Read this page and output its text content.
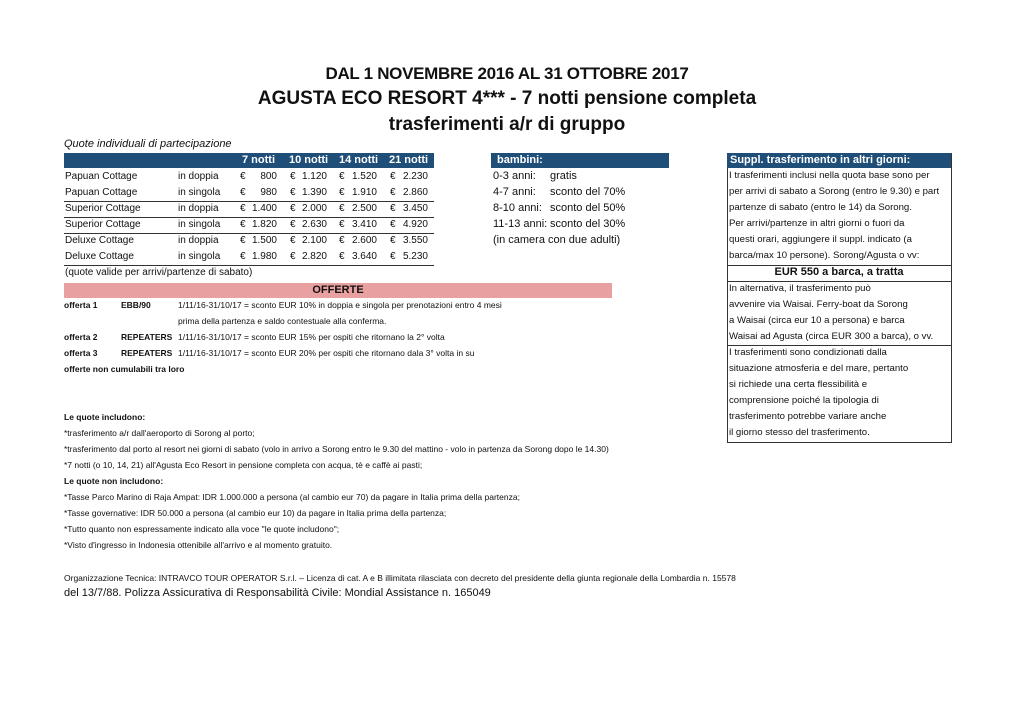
DAL 1 NOVEMBRE 2016 AL 31 OTTOBRE 2017
AGUSTA ECO RESORT 4*** - 7 notti pensione completa
trasferimenti a/r di gruppo
Quote individuali di partecipazione
7 notti 10 notti 14 notti 21 notti
Papuan Cottage	in doppia €	800 € 1.120 € 1.520 € 2.230
Papuan Cottage	in singola €	980 € 1.390 € 1.910 € 2.860
Superior Cottage	in doppia € 1.400 € 2.000 € 2.500 € 3.450
Superior Cottage	in singola € 1.820 € 2.630 € 3.410 € 4.920
Deluxe Cottage	in doppia € 1.500 € 2.100 € 2.600 € 3.550
Deluxe Cottage	in singola € 1.980 € 2.820 € 3.640 € 5.230
(quote valide per arrivi/partenze di sabato)
bambini:
0-3 anni: gratis
4-7 anni: sconto del 70%
8-10 anni: sconto del 50%
11-13 anni: sconto del 30%
(in camera con due adulti)
Suppl. trasferimento in altri giorni:
I trasferimenti inclusi nella quota base sono per
per arrivi di sabato a Sorong (entro le 9.30) e part
partenze di sabato (entro le 14) da Sorong.
Per arrivi/partenze in altri giorni o fuori da
questi orari, aggiungere il suppl. indicato (a
barca/max 10 persone). Sorong/Agusta o vv:
EUR 550 a barca, a tratta
In alternativa, il trasferimento può
avvenire via Waisai. Ferry-boat da Sorong
a Waisai (circa eur 10 a persona) e barca
Waisai ad Agusta (circa EUR 300 a barca), o vv.
I trasferimenti sono condizionati dalla
situazione atmosferia e del mare, pertanto
si richiede una certa flessibilità e
comprensione poiché la tipologia di
trasferimento potrebbe variare anche
il giorno stesso del trasferimento.
OFFERTE
offerta 1	EBB/90	1/11/16-31/10/17 = sconto EUR 10% in doppia e singola per prenotazioni entro 4 mesi
prima della partenza e saldo contestuale alla conferma.
offerta 2	REPEATERS 1/11/16-31/10/17 = sconto EUR 15% per ospiti che ritornano la 2° volta
offerta 3	REPEATERS 1/11/16-31/10/17 = sconto EUR 20% per ospiti che ritornano dala 3° volta in su
offerte non cumulabili tra loro
Le quote includono:
*trasferimento a/r dall'aeroporto di Sorong al porto;
*trasferimento dal porto al resort nei giorni di sabato (volo in arrivo a Sorong entro le 9.30 del mattino - volo in partenza da Sorong dopo le 14.30)
*7 notti (o 10, 14, 21) all'Agusta Eco Resort in pensione completa con acqua, tè e caffè ai pasti;
Le quote non includono:
*Tasse Parco Marino di Raja Ampat: IDR 1.000.000 a persona (al cambio eur 70) da pagare in Italia prima della partenza;
*Tasse governative: IDR 50.000 a persona (al cambio eur 10) da pagare in Italia prima della partenza;
*Tutto quanto non espressamente indicato alla voce "le quote includono";
*Visto d'ingresso in Indonesia ottenibile all'arrivo e al momento gratuito.
Organizzazione Tecnica: INTRAVCO TOUR OPERATOR S.r.l. – Licenza di cat. A e B illimitata rilasciata con decreto del presidente della giunta regionale della Lombardia n. 15578
del 13/7/88. Polizza Assicurativa di Responsabilità Civile: Mondial Assistance n. 165049
